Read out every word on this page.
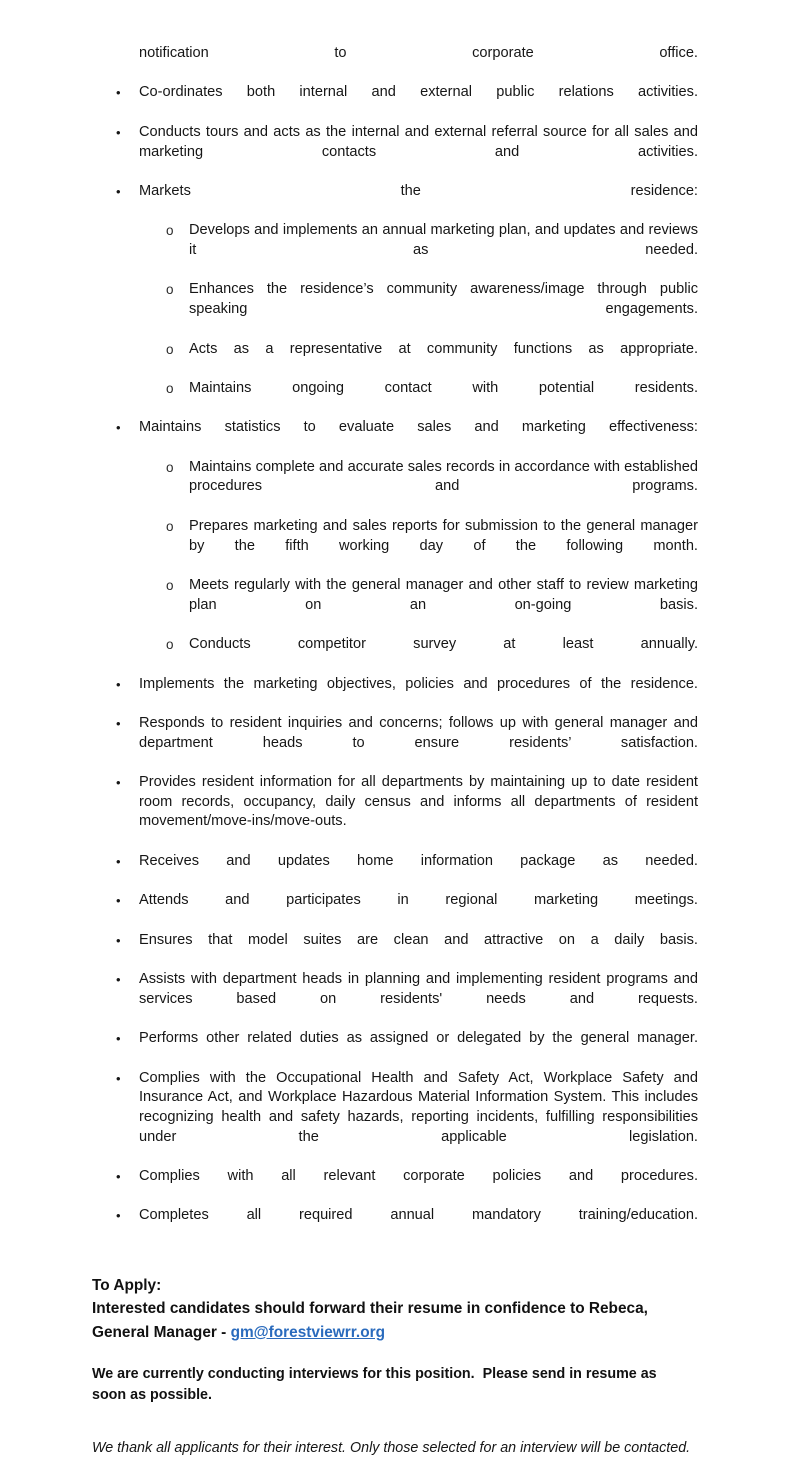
notification to corporate office.
•	Co-ordinates both internal and external public relations activities.
•	Conducts tours and acts as the internal and external referral source for all sales and marketing contacts and activities.
•	Markets the residence:
o	Develops and implements an annual marketing plan, and updates and reviews it as needed.
o	Enhances the residence’s community awareness/image through public speaking engagements.
o	Acts as a representative at community functions as appropriate.
o	Maintains ongoing contact with potential residents.
•	Maintains statistics to evaluate sales and marketing effectiveness:
o	Maintains complete and accurate sales records in accordance with established procedures and programs.
o	Prepares marketing and sales reports for submission to the general manager by the fifth working day of the following month.
o	Meets regularly with the general manager and other staff to review marketing plan on an on-going basis.
o	Conducts competitor survey at least annually.
•	Implements the marketing objectives, policies and procedures of the residence.
•	Responds to resident inquiries and concerns; follows up with general manager and department heads to ensure residents’ satisfaction.
•	Provides resident information for all departments by maintaining up to date resident room records, occupancy, daily census and informs all departments of resident movement/move-ins/move-outs.
•	Receives and updates home information package as needed.
•	Attends and participates in regional marketing meetings.
•	Ensures that model suites are clean and attractive on a daily basis.
•	Assists with department heads in planning and implementing resident programs and services based on residents' needs and requests.
•	Performs other related duties as assigned or delegated by the general manager.
•	Complies with the Occupational Health and Safety Act, Workplace Safety and Insurance Act, and Workplace Hazardous Material Information System. This includes recognizing health and safety hazards, reporting incidents, fulfilling responsibilities under the applicable legislation.
•	Complies with all relevant corporate policies and procedures.
•	Completes all required annual mandatory training/education.
To Apply:
Interested candidates should forward their resume in confidence to Rebeca,
General Manager - gm@forestviewrr.org
We are currently conducting interviews for this position.  Please send in resume as soon as possible.
We thank all applicants for their interest. Only those selected for an interview will be contacted.
